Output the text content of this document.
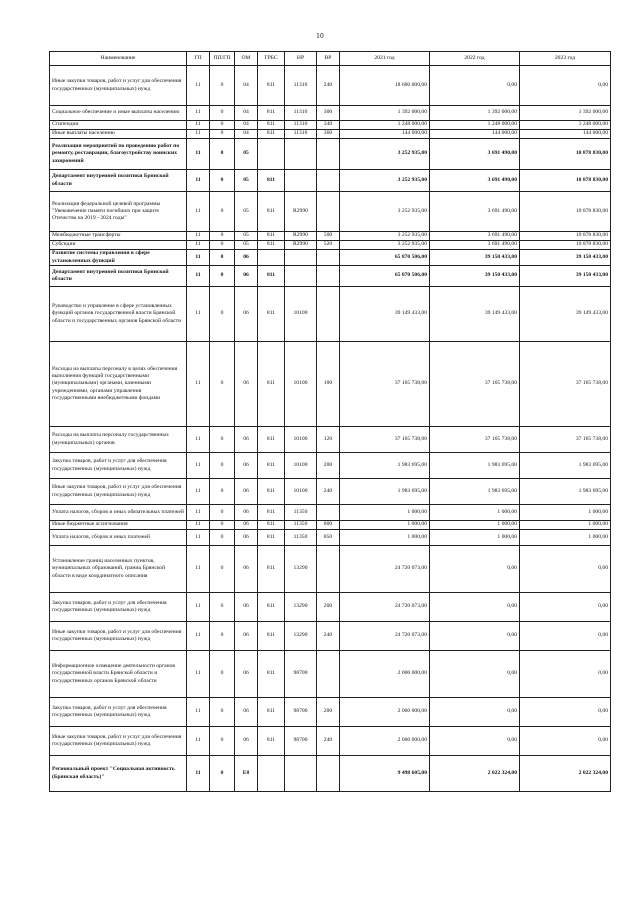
10
Наименование	ГП	ПП/ГП	ОМ	ГРБС	НР	ВР	2021 год	2022 год	2023 год
Иные закупки товаров, работ и услуг для обеспечения государственных (муниципальных) нужд	11	0	04	811	11310	240	18 600 000,00	0,00	0,00
Социальное обеспечение и иные выплаты населению	11	0	04	811	11310	300	1 392 000,00	1 392 000,00	1 392 000,00
Стипендии	11	0	04	811	11310	340	1 248 000,00	1 248 000,00	1 248 000,00
Иные выплаты населению	11	0	04	811	11310	360	144 000,00	144 000,00	144 000,00
Реализация мероприятий по проведению работ по ремонту, реставрации, благоустройству воинских захоронений	11	0	05				3 252 935,00	3 691 490,00	10 878 830,00
Департамент внутренней политики Брянской области	11	0	05	811			3 252 935,00	3 691 490,00	10 878 830,00
Реализация федеральной целевой программы "Увековечение памяти погибших при защите Отечества на 2019 - 2024 годы"	11	0	05	811	R2990		3 252 935,00	3 691 490,00	10 878 830,00
Межбюджетные трансферты	11	0	05	811	R2990	500	3 252 935,00	3 691 490,00	10 878 830,00
Субсидии	11	0	05	811	R2990	520	3 252 935,00	3 691 490,00	10 878 830,00
Развитие системы управления в сфере установленных функций	11	0	06				65 870 506,00	39 150 433,00	39 150 433,00
Департамент внутренней политики Брянской области	11	0	06	811			65 870 506,00	39 150 433,00	39 150 433,00
Руководство и управление в сфере установленных функций органов государственной власти Брянской области и государственных органов Брянской области	11	0	06	811	10100		39 149 433,00	39 149 433,00	39 149 433,00
Расходы на выплаты персоналу в целях обеспечения выполнения функций государственными (муниципальными) органами, казенными учреждениями, органами управления государственными внебюджетными фондами	11	0	06	811	10100	100	37 165 738,00	37 165 738,00	37 165 738,00
Расходы на выплаты персоналу государственных (муниципальных) органов	11	0	06	811	10100	120	37 165 738,00	37 165 738,00	37 165 738,00
Закупка товаров, работ и услуг для обеспечения государственных (муниципальных) нужд	11	0	06	811	10100	200	1 983 695,00	1 983 695,00	1 983 695,00
Иные закупки товаров, работ и услуг для обеспечения государственных (муниципальных) нужд	11	0	06	811	10100	240	1 983 695,00	1 983 695,00	1 983 695,00
Уплата налогов, сборов и иных обязательных платежей	11	0	06	811	11350		1 000,00	1 000,00	1 000,00
Иные бюджетные ассигнования	11	0	06	811	11350	800	1 000,00	1 000,00	1 000,00
Уплата налогов, сборов и иных платежей	11	0	06	811	11350	850	1 000,00	1 000,00	1 000,00
Установление границ населенных пунктов, муниципальных образований, границ Брянской области в виде координатного описания	11	0	06	811	13290		24 720 073,00	0,00	0,00
Закупка товаров, работ и услуг для обеспечения государственных (муниципальных) нужд	11	0	06	811	13290	200	24 720 073,00	0,00	0,00
Иные закупки товаров, работ и услуг для обеспечения государственных (муниципальных) нужд	11	0	06	811	13290	240	24 720 073,00	0,00	0,00
Информационное освещение деятельности органов государственной власти Брянской области и государственных органов Брянской области	11	0	06	811	98700		2 000 000,00	0,00	0,00
Закупка товаров, работ и услуг для обеспечения государственных (муниципальных) нужд	11	0	06	811	98700	200	2 000 000,00	0,00	0,00
Иные закупки товаров, работ и услуг для обеспечения государственных (муниципальных) нужд	11	0	06	811	98700	240	2 000 000,00	0,00	0,00
Региональный проект "Социальная активность (Брянская область)"	11	0	E8				9 498 605,00	2 022 324,00	2 022 324,00
